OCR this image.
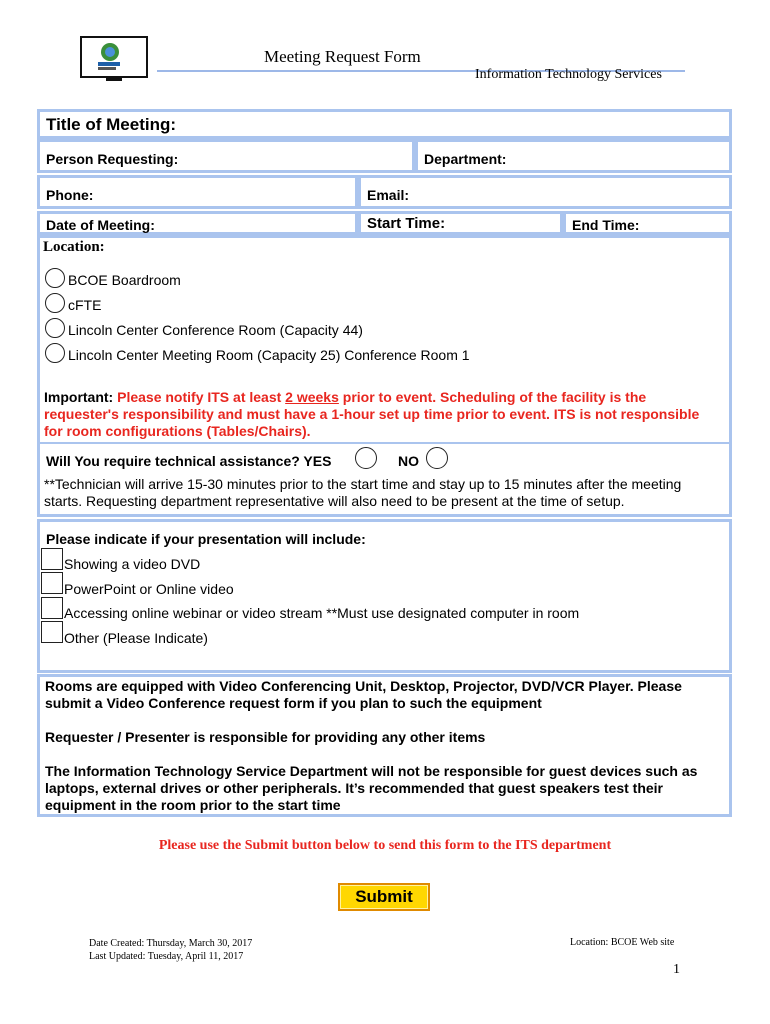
Meeting Request Form
Information Technology Services
Title of Meeting:
Person Requesting:	Department:
Phone:	Email:
Date of Meeting:	Start Time:	End Time:
Location:
BCOE Boardroom
cFTE
Lincoln Center Conference Room (Capacity 44)
Lincoln Center Meeting Room (Capacity 25) Conference Room 1
Important: Please notify ITS at least 2 weeks prior to event. Scheduling of the facility is the
requester's responsibility and must have a 1-hour set up time prior to event. ITS is not responsible
for room configurations (Tables/Chairs).
Will You require technical assistance? YES	NO
**Technician will arrive 15-30 minutes prior to the start time and stay up to 15 minutes after the meeting
starts. Requesting department representative will also need to be present at the time of setup.
Please indicate if your presentation will include:
Showing a video DVD
PowerPoint or Online video
Accessing online webinar or video stream **Must use designated computer in room
Other (Please Indicate)
Rooms are equipped with Video Conferencing Unit, Desktop, Projector, DVD/VCR Player. Please
submit a Video Conference request form if you plan to such the equipment
Requester / Presenter is responsible for providing any other items
The Information Technology Service Department will not be responsible for guest devices such as
laptops, external drives or other peripherals. It’s recommended that guest speakers test their
equipment in the room prior to the start time
Please use the Submit button below to send this form to the ITS department
Submit
Date Created: Thursday, March 30, 2017
Last Updated: Tuesday, April 11, 2017
Location: BCOE Web site
1
